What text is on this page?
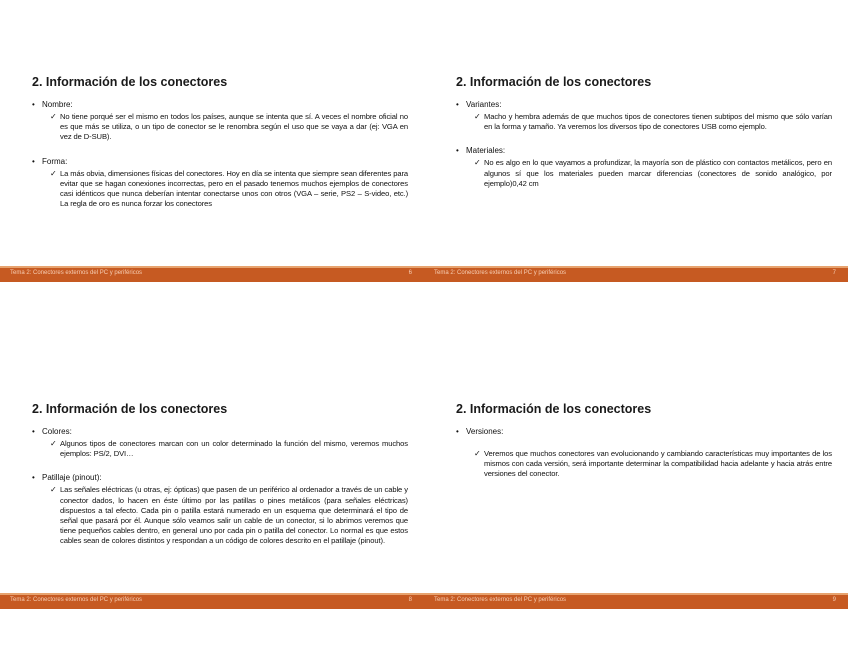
2. Información de los conectores
• Nombre:
✓ No tiene porqué ser el mismo en todos los países, aunque se intenta que sí. A veces el nombre oficial no es que más se utiliza, o un tipo de conector se le renombra según el uso que se vaya a dar (ej: VGA en vez de D-SUB).
• Forma:
✓ La más obvia, dimensiones físicas del conectores. Hoy en día se intenta que siempre sean diferentes para evitar que se hagan conexiones incorrectas, pero en el pasado tenemos muchos ejemplos de conectores casi idénticos que nunca deberían intentar conectarse unos con otros (VGA – serie, PS2 – S-video, etc.) La regla de oro es nunca forzar los conectores
Tema 2: Conectores externos del PC y periféricos	6
2. Información de los conectores
• Variantes:
✓ Macho y hembra además de que muchos tipos de conectores tienen subtipos del mismo que sólo varían en la forma y tamaño. Ya veremos los diversos tipo de conectores USB como ejemplo.
• Materiales:
✓ No es algo en lo que vayamos a profundizar, la mayoría son de plástico con contactos metálicos, pero en algunos sí que los materiales pueden marcar diferencias (conectores de sonido analógico, por ejemplo)0,42 cm
Tema 2: Conectores externos del PC y periféricos	7
2. Información de los conectores
• Colores:
✓ Algunos tipos de conectores marcan con un color determinado la función del mismo, veremos muchos ejemplos: PS/2, DVI…
• Patillaje (pinout):
✓ Las señales eléctricas (u otras, ej: ópticas) que pasen de un periférico al ordenador a través de un cable y conector dados, lo hacen en éste último por las patillas o pines metálicos (para señales eléctricas) dispuestos a tal efecto. Cada pin o patilla estará numerado en un esquema que determinará el tipo de señal que pasará por él. Aunque sólo veamos salir un cable de un conector, si lo abrimos veremos que tiene pequeños cables dentro, en general uno por cada pin o patilla del conector. Lo normal es que estos cables sean de colores distintos y respondan a un código de colores descrito en el patillaje (pinout).
Tema 2: Conectores externos del PC y periféricos	8
2. Información de los conectores
• Versiones:
✓ Veremos que muchos conectores van evolucionando y cambiando características muy importantes de los mismos con cada versión, será importante determinar la compatibilidad hacia adelante y hacia atrás entre versiones del conector.
Tema 2: Conectores externos del PC y periféricos	9
